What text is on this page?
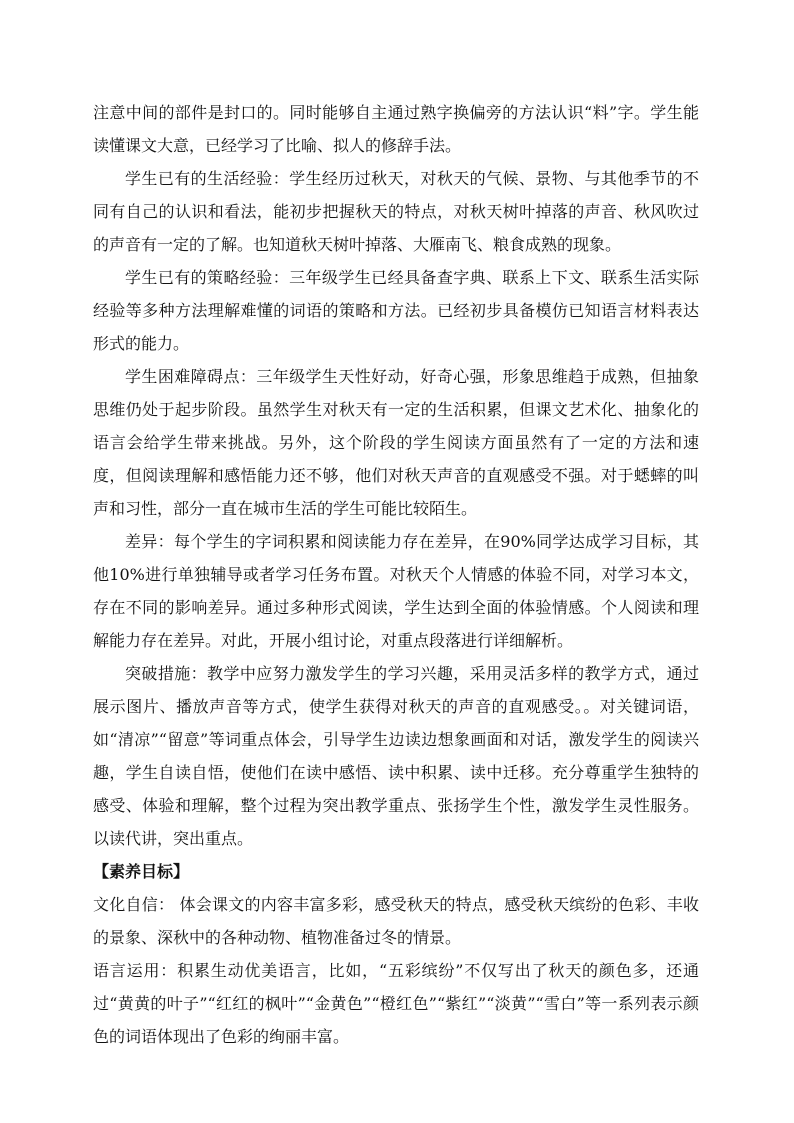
注意中间的部件是封口的。同时能够自主通过熟字换偏旁的方法认识“料”字。学生能读懂课文大意，已经学习了比喻、拟人的修辞手法。

学生已有的生活经验：学生经历过秋天，对秋天的气候、景物、与其他季节的不同有自己的认识和看法，能初步把握秋天的特点，对秋天树叶掉落的声音、秋风吹过的声音有一定的了解。也知道秋天树叶掉落、大雁南飞、粮食成熟的现象。

学生已有的策略经验：三年级学生已经具备查字典、联系上下文、联系生活实际经验等多种方法理解难懂的词语的策略和方法。已经初步具备模仿已知语言材料表达形式的能力。

学生困难障碍点：三年级学生天性好动，好奇心强，形象思维趋于成熟，但抽象思维仍处于起步阶段。虽然学生对秋天有一定的生活积累，但课文艺术化、抽象化的语言会给学生带来挑战。另外，这个阶段的学生阅读方面虽然有了一定的方法和速度，但阅读理解和感悟能力还不够，他们对秋天声音的直观感受不强。对于蟋蟀的叫声和习性，部分一直在城市生活的学生可能比较陌生。

差异：每个学生的字词积累和阅读能力存在差异，在90%同学达成学习目标，其他10%进行单独辅导或者学习任务布置。对秋天个人情感的体验不同，对学习本文，存在不同的影响差异。通过多种形式阅读，学生达到全面的体验情感。个人阅读和理解能力存在差异。对此，开展小组讨论，对重点段落进行详细解析。

突破措施：教学中应努力激发学生的学习兴趣，采用灵活多样的教学方式，通过展示图片、播放声音等方式，使学生获得对秋天的声音的直观感受。。对关键词语，如“清凉”“留意”等词重点体会，引导学生边读边想象画面和对话，激发学生的阅读兴趣，学生自读自悟，使他们在读中感悟、读中积累、读中迁移。充分尊重学生独特的感受、体验和理解，整个过程为突出教学重点、张扬学生个性，激发学生灵性服务。以读代讲，突出重点。

【素养目标】

文化自信： 体会课文的内容丰富多彩，感受秋天的特点，感受秋天缤纷的色彩、丰收的景象、深秋中的各种动物、植物准备过冬的情景。

语言运用：积累生动优美语言，比如，“五彩缤纷”不仅写出了秋天的颜色多，还通过“黄黄的叶子”“红红的枫叶”“金黄色”“橙红色”“紫红”“淡黄”“雪白”等一系列表示颜色的词语体现出了色彩的绚丽丰富。
